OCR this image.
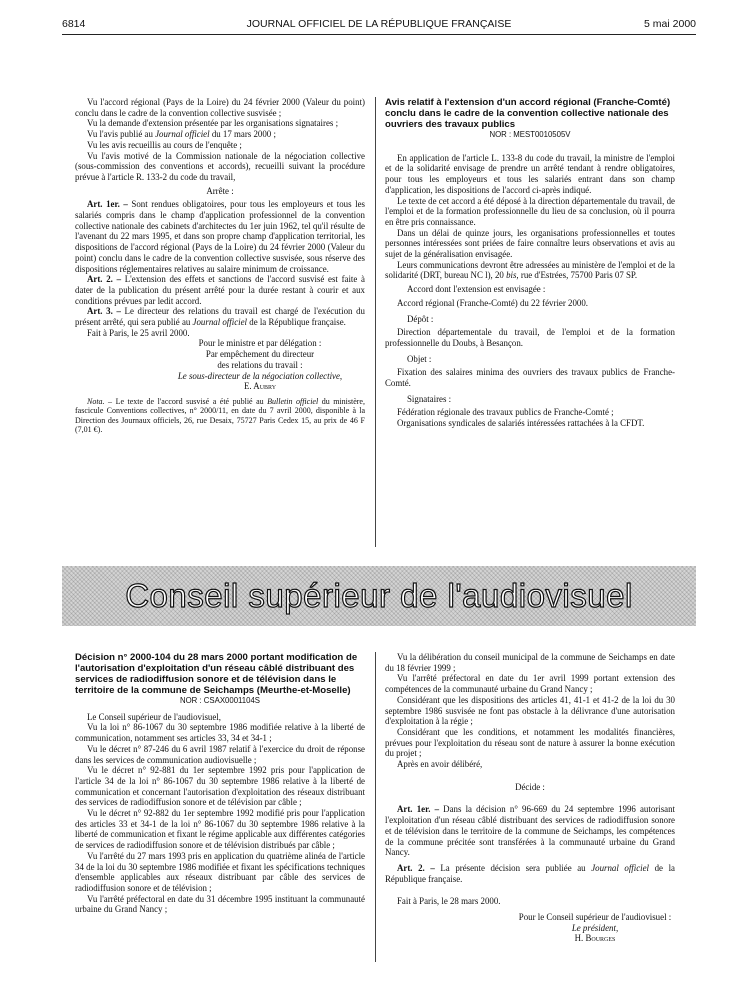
6814	JOURNAL OFFICIEL DE LA RÉPUBLIQUE FRANÇAISE	5 mai 2000

Vu l'accord régional (Pays de la Loire) du 24 février 2000 (Valeur du point) conclu dans le cadre de la convention collective susvisée ;

Vu la demande d'extension présentée par les organisations signataires ;

Vu l'avis publié au Journal officiel du 17 mars 2000 ;

Vu les avis recueillis au cours de l'enquête ;

Vu l'avis motivé de la Commission nationale de la négociation collective (sous-commission des conventions et accords), recueilli suivant la procédure prévue à l'article R. 133-2 du code du travail,

Arrête :

Art. 1er. – Sont rendues obligatoires, pour tous les employeurs et tous les salariés compris dans le champ d'application professionnel de la convention collective nationale des cabinets d'architectes du 1er juin 1962, tel qu'il résulte de l'avenant du 22 mars 1995, et dans son propre champ d'application territorial, les dispositions de l'accord régional (Pays de la Loire) du 24 février 2000 (Valeur du point) conclu dans le cadre de la convention collective susvisée, sous réserve des dispositions réglementaires relatives au salaire minimum de croissance.

Art. 2. – L'extension des effets et sanctions de l'accord susvisé est faite à dater de la publication du présent arrêté pour la durée restant à courir et aux conditions prévues par ledit accord.

Art. 3. – Le directeur des relations du travail est chargé de l'exécution du présent arrêté, qui sera publié au Journal officiel de la République française.

Fait à Paris, le 25 avril 2000.

Pour le ministre et par délégation :

Par empêchement du directeur

des relations du travail :

Le sous-directeur de la négociation collective,

E. Aubry

Nota. – Le texte de l'accord susvisé a été publié au Bulletin officiel du ministère, fascicule Conventions collectives, n° 2000/11, en date du 7 avril 2000, disponible à la Direction des Journaux officiels, 26, rue Desaix, 75727 Paris Cedex 15, au prix de 46 F (7,01 €).

Avis relatif à l'extension d'un accord régional (Franche-Comté) conclu dans le cadre de la convention collective nationale des ouvriers des travaux publics

NOR : MESТ0010505V

En application de l'article L. 133-8 du code du travail, la ministre de l'emploi et de la solidarité envisage de prendre un arrêté tendant à rendre obligatoires, pour tous les employeurs et tous les salariés entrant dans son champ d'application, les dispositions de l'accord ci-après indiqué.

Le texte de cet accord a été déposé à la direction départementale du travail, de l'emploi et de la formation professionnelle du lieu de sa conclusion, où il pourra en être pris connaissance.

Dans un délai de quinze jours, les organisations professionnelles et toutes personnes intéressées sont priées de faire connaître leurs observations et avis au sujet de la généralisation envisagée.

Leurs communications devront être adressées au ministère de l'emploi et de la solidarité (DRT, bureau NC l), 20 bis, rue d'Estrées, 75700 Paris 07 SP.

Accord dont l'extension est envisagée :

Accord régional (Franche-Comté) du 22 février 2000.

Dépôt :

Direction départementale du travail, de l'emploi et de la formation professionnelle du Doubs, à Besançon.

Objet :

Fixation des salaires minima des ouvriers des travaux publics de Franche-Comté.

Signataires :

Fédération régionale des travaux publics de Franche-Comté ;

Organisations syndicales de salariés intéressées rattachées à la CFDT.

Conseil supérieur de l'audiovisuel

Décision n° 2000-104 du 28 mars 2000 portant modification de l'autorisation d'exploitation d'un réseau câblé distribuant des services de radiodiffusion sonore et de télévision dans le territoire de la commune de Seichamps (Meurthe-et-Moselle)

NOR : CSAX0001104S

Le Conseil supérieur de l'audiovisuel,

Vu la loi n° 86-1067 du 30 septembre 1986 modifiée relative à la liberté de communication, notamment ses articles 33, 34 et 34-1 ;

Vu le décret n° 87-246 du 6 avril 1987 relatif à l'exercice du droit de réponse dans les services de communication audiovisuelle ;

Vu le décret n° 92-881 du 1er septembre 1992 pris pour l'application de l'article 34 de la loi n° 86-1067 du 30 septembre 1986 relative à la liberté de communication et concernant l'autorisation d'exploitation des réseaux distribuant des services de radiodiffusion sonore et de télévision par câble ;

Vu le décret n° 92-882 du 1er septembre 1992 modifié pris pour l'application des articles 33 et 34-1 de la loi n° 86-1067 du 30 septembre 1986 relative à la liberté de communication et fixant le régime applicable aux différentes catégories de services de radiodiffusion sonore et de télévision distribués par câble ;

Vu l'arrêté du 27 mars 1993 pris en application du quatrième alinéa de l'article 34 de la loi du 30 septembre 1986 modifiée et fixant les spécifications techniques d'ensemble applicables aux réseaux distribuant par câble des services de radiodiffusion sonore et de télévision ;

Vu l'arrêté préfectoral en date du 31 décembre 1995 instituant la communauté urbaine du Grand Nancy ;

Vu la délibération du conseil municipal de la commune de Seichamps en date du 18 février 1999 ;

Vu l'arrêté préfectoral en date du 1er avril 1999 portant extension des compétences de la communauté urbaine du Grand Nancy ;

Considérant que les dispositions des articles 41, 41-1 et 41-2 de la loi du 30 septembre 1986 susvisée ne font pas obstacle à la délivrance d'une autorisation d'exploitation à la régie ;

Considérant que les conditions, et notamment les modalités financières, prévues pour l'exploitation du réseau sont de nature à assurer la bonne exécution du projet ;

Après en avoir délibéré,

Décide :

Art. 1er. – Dans la décision n° 96-669 du 24 septembre 1996 autorisant l'exploitation d'un réseau câblé distribuant des services de radiodiffusion sonore et de télévision dans le territoire de la commune de Seichamps, les compétences de la commune précitée sont transférées à la communauté urbaine du Grand Nancy.

Art. 2. – La présente décision sera publiée au Journal officiel de la République française.

Fait à Paris, le 28 mars 2000.

Pour le Conseil supérieur de l'audiovisuel :

Le président,

H. Bourges
